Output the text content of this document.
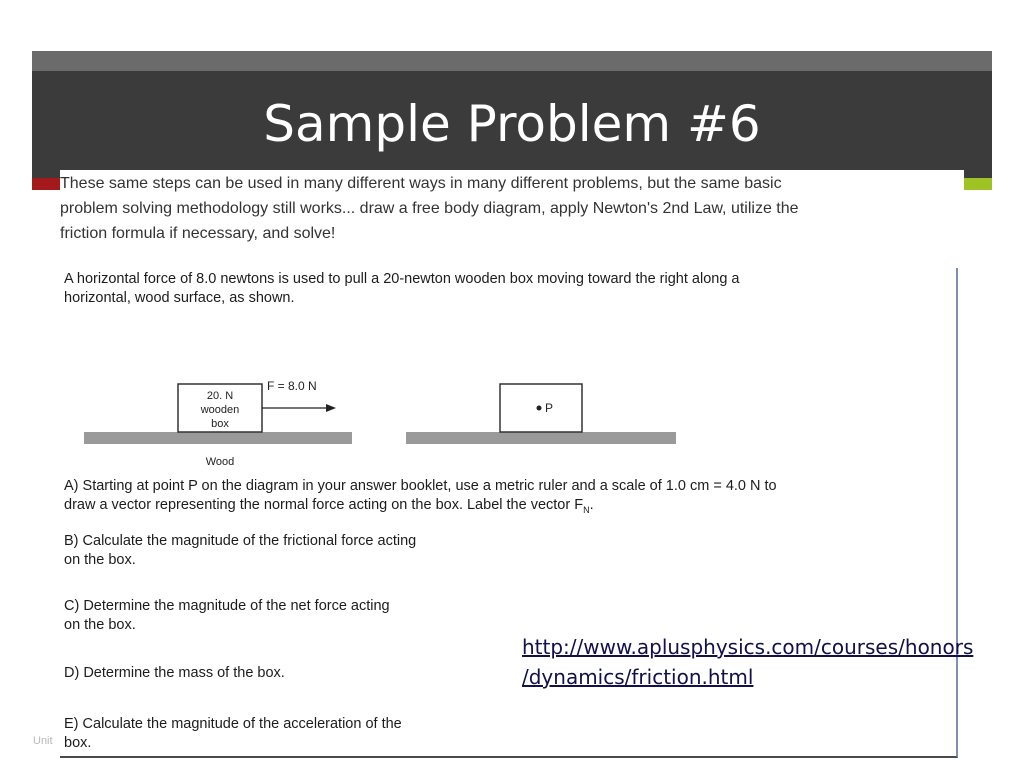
Sample Problem #6

These same steps can be used in many different ways in many different problems, but the same basic

problem solving methodology still works... draw a free body diagram, apply Newton's 2nd Law, utilize the

friction formula if necessary, and solve!

A horizontal force of 8.0 newtons is used to pull a 20-newton wooden box moving toward the right along a
horizontal, wood surface, as shown.
20. N
wooden
box
F = 8.0 N
Wood
P
A) Starting at point P on the diagram in your answer booklet, use a metric ruler and a scale of 1.0 cm = 4.0 N to
draw a vector representing the normal force acting on the box. Label the vector $F_N$.
B) Calculate the magnitude of the frictional force acting
on the box.
C) Determine the magnitude of the net force acting
on the box.
D) Determine the mass of the box.
E) Calculate the magnitude of the acceleration of the
box.
http://www.aplusphysics.com/courses/honors
/dynamics/friction.html
Unit
